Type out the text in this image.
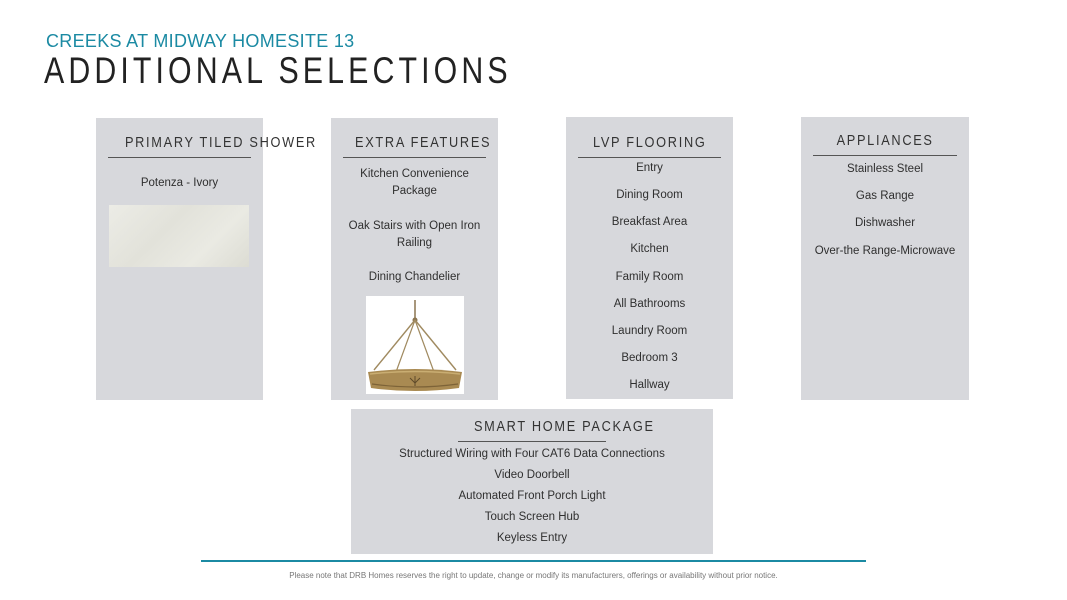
CREEKS AT MIDWAY HOMESITE 13
ADDITIONAL SELECTIONS
PRIMARY TILED SHOWER
Potenza - Ivory
EXTRA FEATURES
Kitchen Convenience Package
Oak Stairs with Open Iron Railing
Dining Chandelier
LVP FLOORING
Entry
Dining Room
Breakfast Area
Kitchen
Family Room
All Bathrooms
Laundry Room
Bedroom 3
Hallway
APPLIANCES
Stainless Steel
Gas Range
Dishwasher
Over-the Range-Microwave
SMART HOME PACKAGE
Structured Wiring with Four CAT6 Data Connections
Video Doorbell
Automated Front Porch Light
Touch Screen Hub
Keyless Entry
Please note that DRB Homes reserves the right to update, change or modify its manufacturers, offerings or availability without prior notice.
